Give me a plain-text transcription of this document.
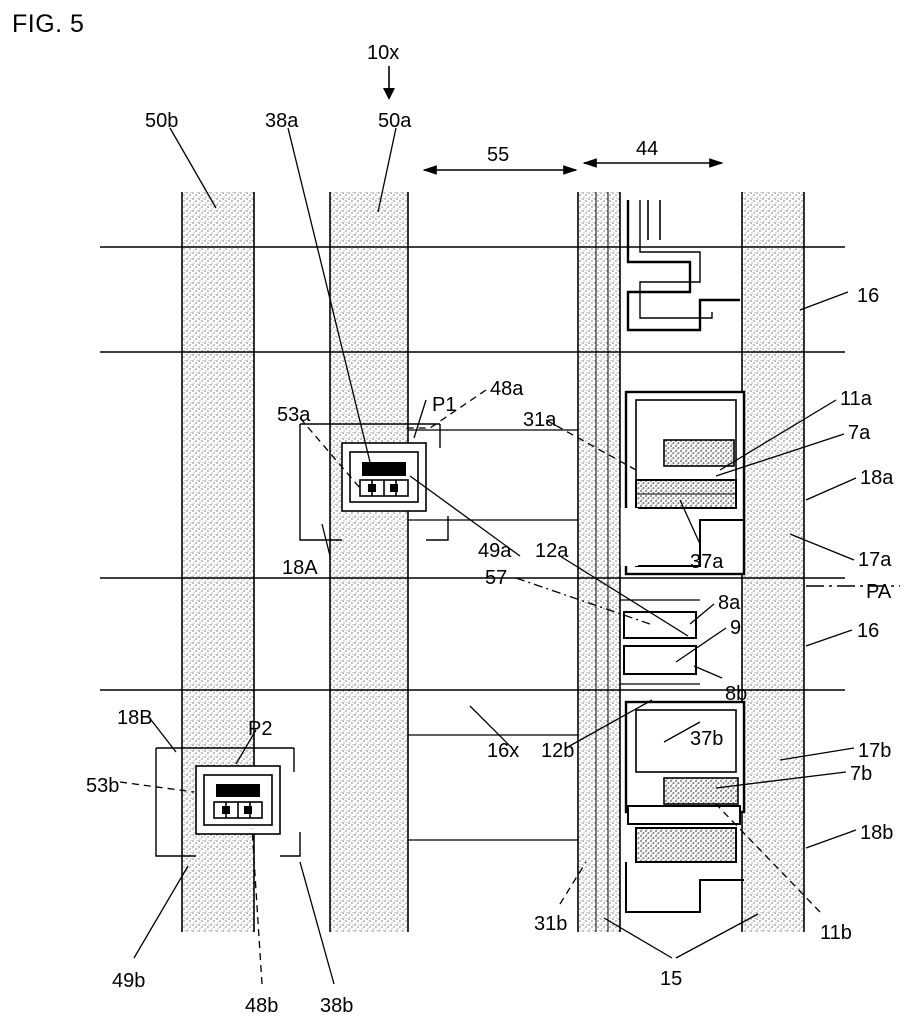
FIG. 5
10x
55	44
50b	38a	50a
16
P1
48a
53a	31a
11a
7a
18a
18A	37a	17a
49a 12a
57
PA
8a
9	16
8b
18B	P2	37b
16x 12b	17b
53b
7b
18b
31b	11b
49b	15
48b 38b
